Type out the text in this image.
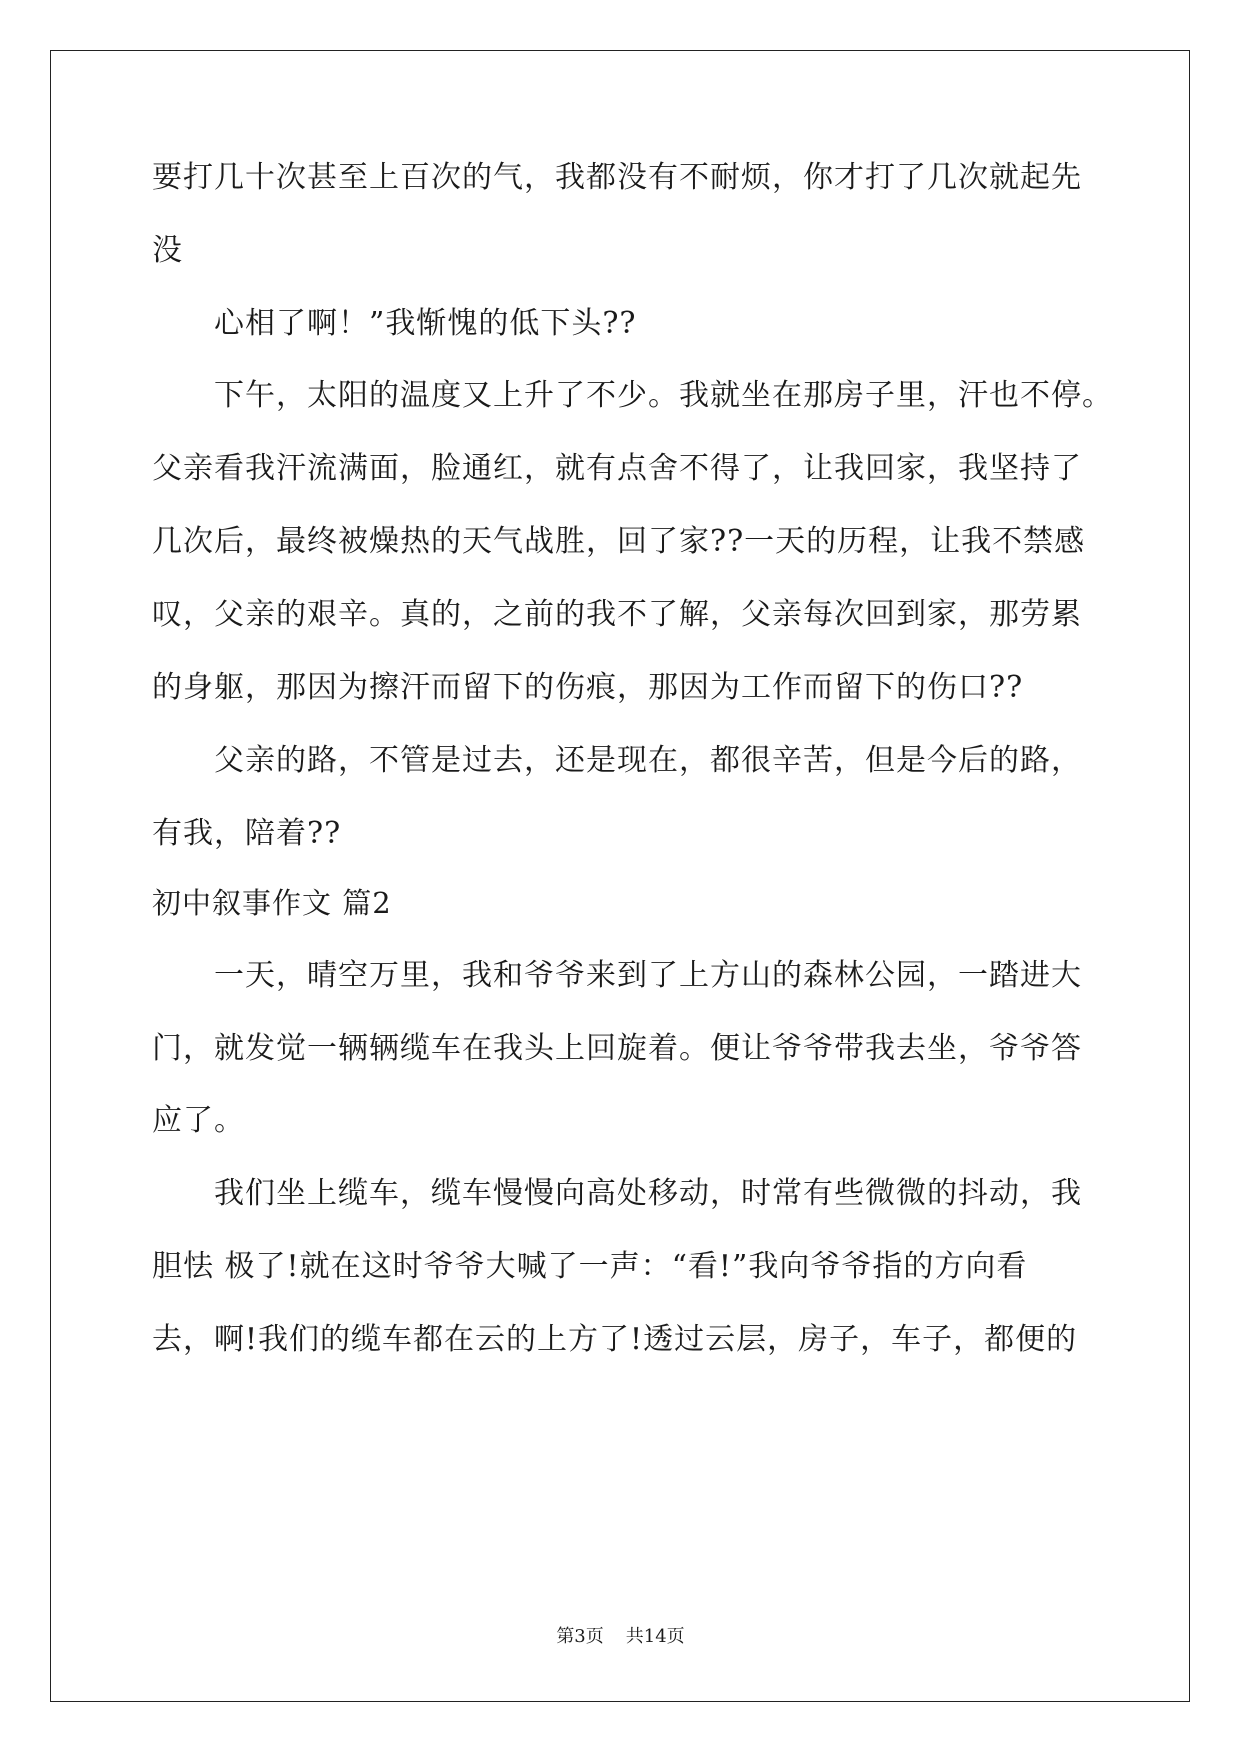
要打几十次甚至上百次的气，我都没有不耐烦，你才打了几次就起先
没
心相了啊！”我惭愧的低下头??
下午，太阳的温度又上升了不少。我就坐在那房子里，汗也不停。
父亲看我汗流满面，脸通红，就有点舍不得了，让我回家，我坚持了
几次后，最终被燥热的天气战胜，回了家??一天的历程，让我不禁感
叹，父亲的艰辛。真的，之前的我不了解，父亲每次回到家，那劳累
的身躯，那因为擦汗而留下的伤痕，那因为工作而留下的伤口??
父亲的路，不管是过去，还是现在，都很辛苦，但是今后的路，
有我，陪着??
初中叙事作文 篇2
一天，晴空万里，我和爷爷来到了上方山的森林公园，一踏进大
门，就发觉一辆辆缆车在我头上回旋着。便让爷爷带我去坐，爷爷答
应了。
我们坐上缆车，缆车慢慢向高处移动，时常有些微微的抖动，我
胆怯 极了!就在这时爷爷大喊了一声：“看!”我向爷爷指的方向看
去，啊!我们的缆车都在云的上方了!透过云层，房子，车子，都便的
第3页 共14页
